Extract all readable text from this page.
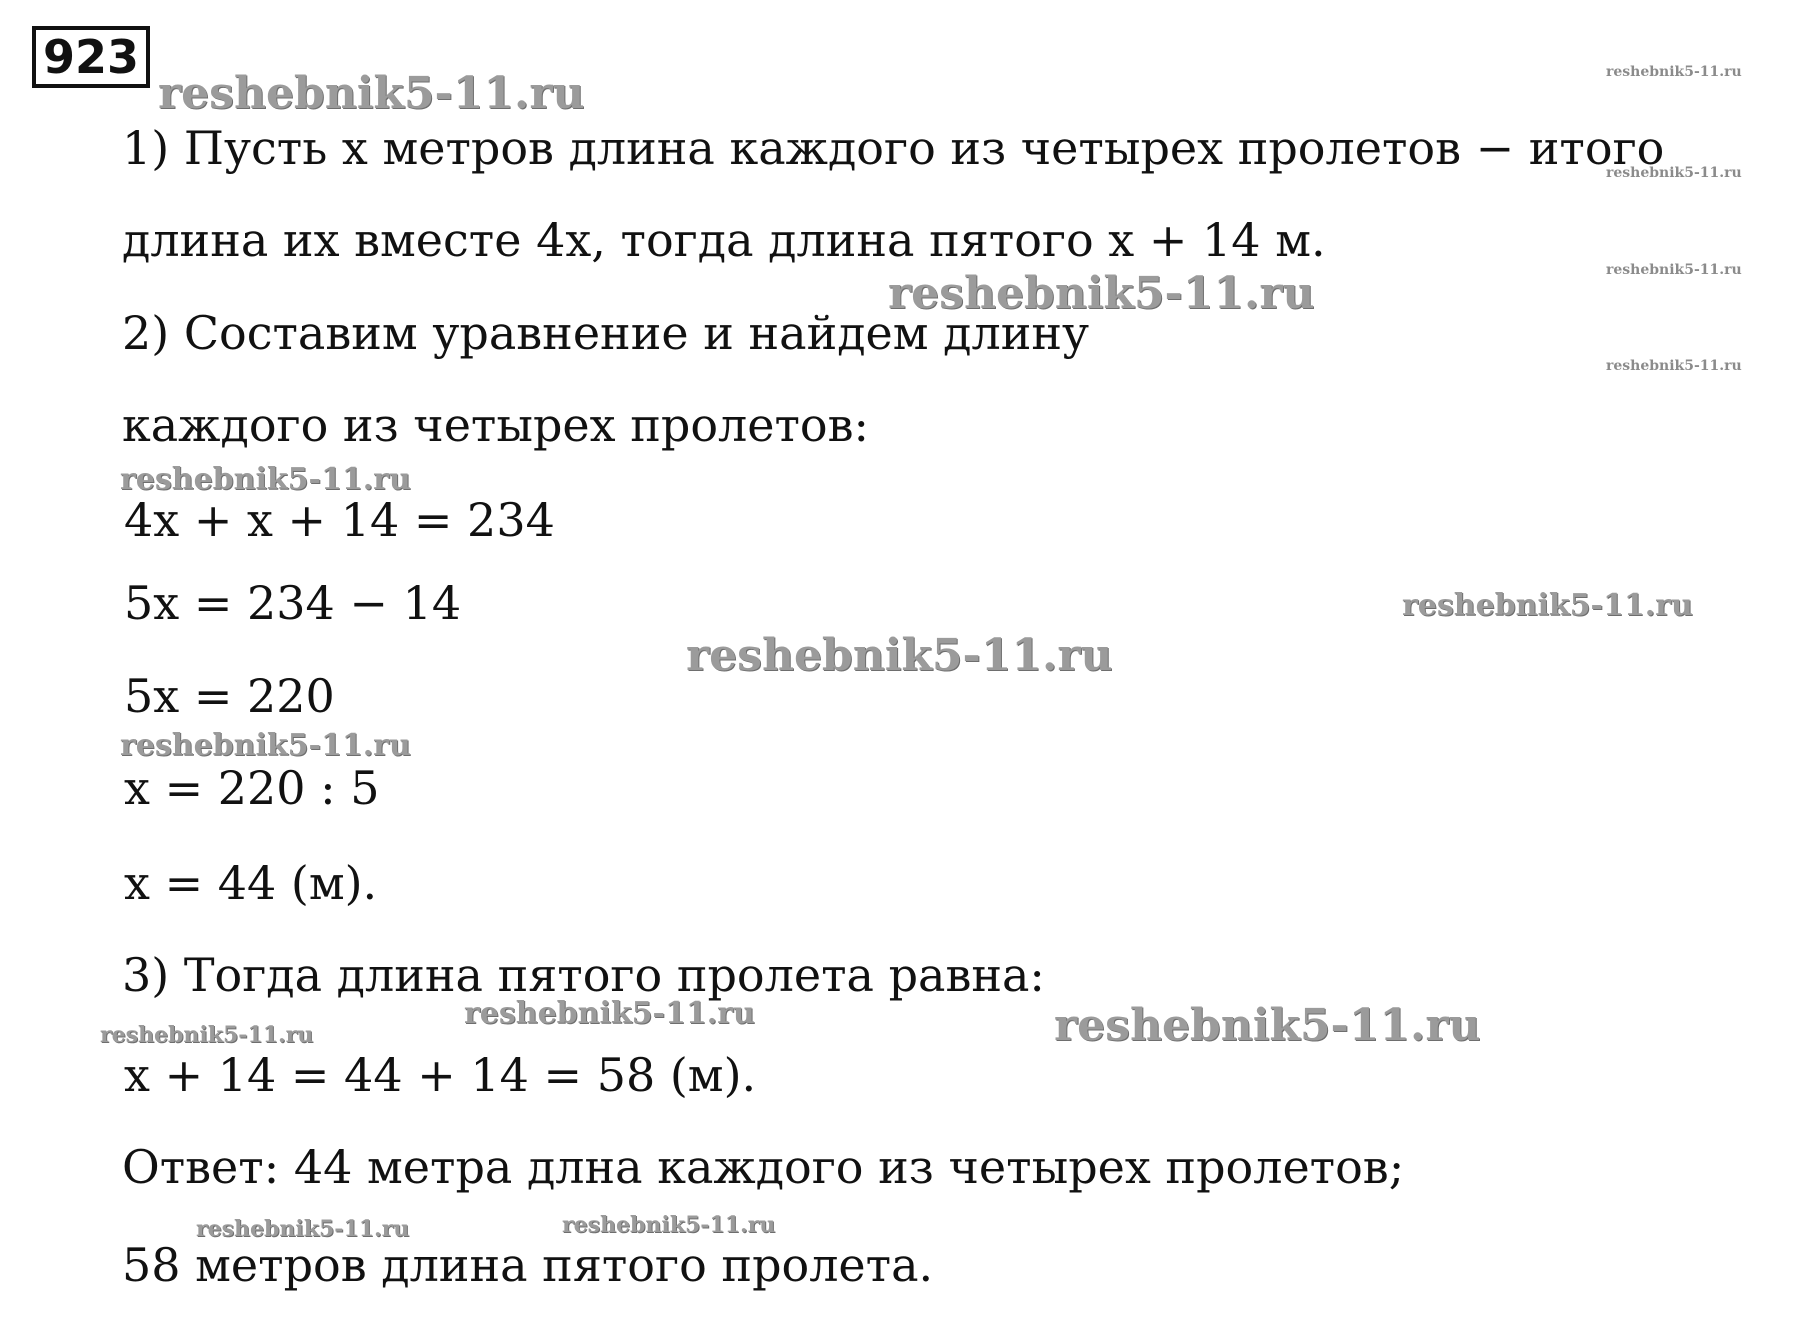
923
1) Пусть x метров длина каждого из четырех пролетов − итого
длина их вместе 4x, тогда длина пятого x + 14 м.
2) Составим уравнение и найдем длину
каждого из четырех пролетов:
4x + x + 14 = 234
5x = 234 − 14
5x = 220
x = 220 : 5
x = 44 (м).
3) Тогда длина пятого пролета равна:
x + 14 = 44 + 14 = 58 (м).
Ответ: 44 метра длна каждого из четырех пролетов;
58 метров длина пятого пролета.
reshebnik5-11.ru	reshebnik5-11.ru
reshebnik5-11.ru
reshebnik5-11.ru
reshebnik5-11.ru
reshebnik5-11.ru
reshebnik5-11.ru
reshebnik5-11.ru
reshebnik5-11.ru
reshebnik5-11.ru
reshebnik5-11.ru
reshebnik5-11.ru	reshebnik5-11.ru
reshebnik5-11.ru	reshebnik5-11.ru
